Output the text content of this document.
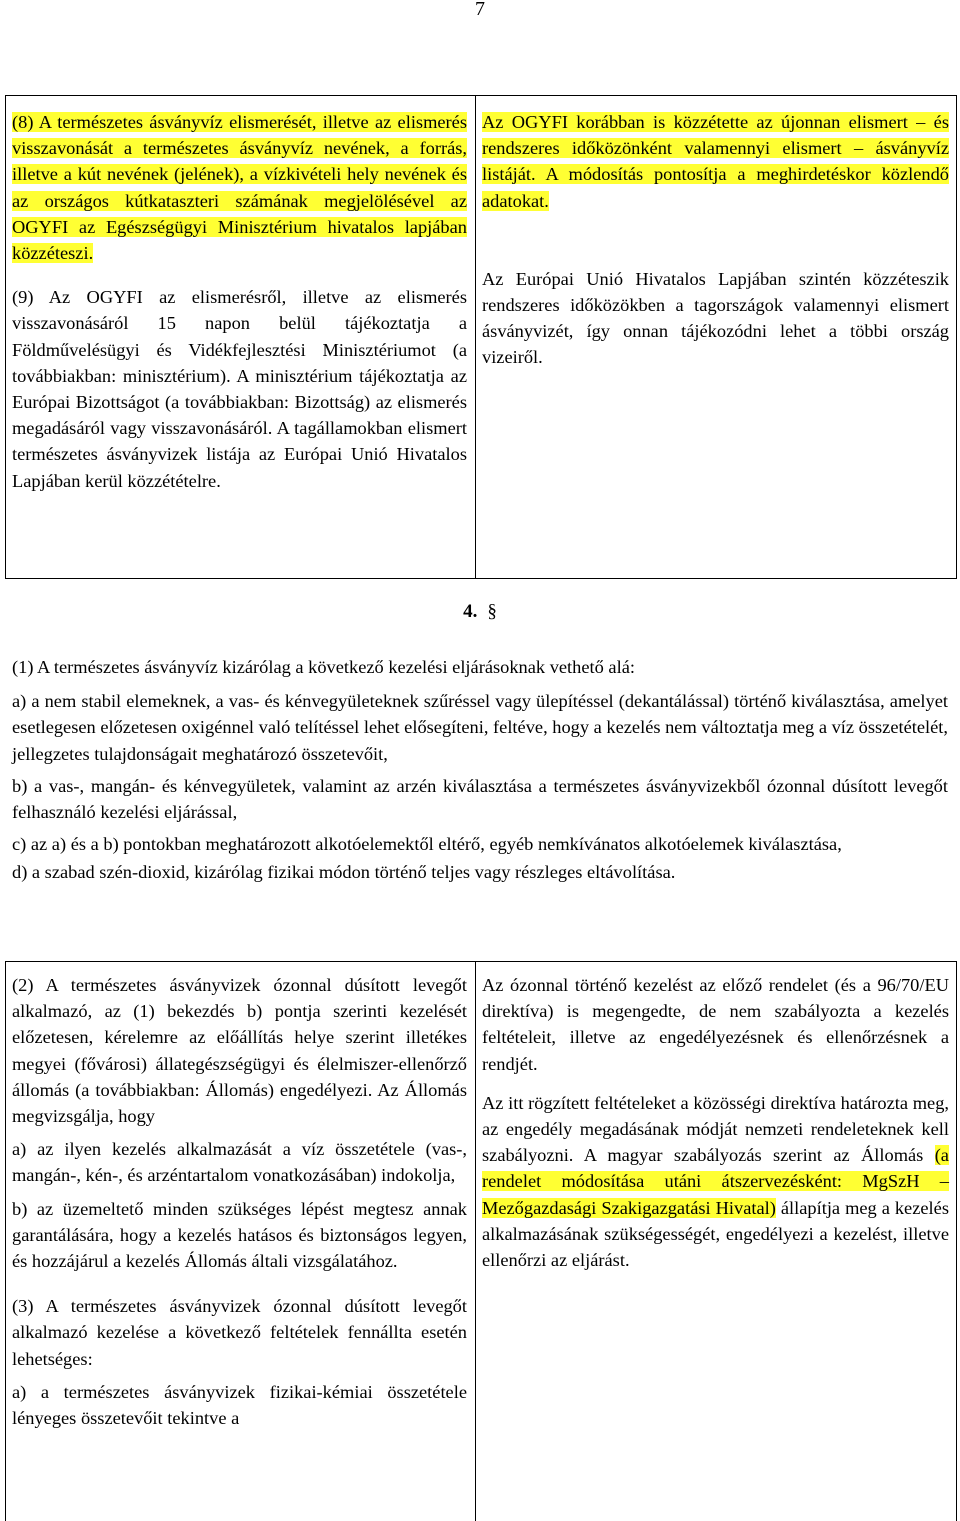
7

(8) A természetes ásványvíz elismerését, illetve az elismerés visszavonását a természetes ásványvíz nevének, a forrás, illetve a kút nevének (jelének), a vízkivételi hely nevének és az országos kútkataszteri számának megjelölésével az OGYFI az Egészségügyi Minisztérium hivatalos lapjában közzéteszi.

(9) Az OGYFI az elismerésről, illetve az elismerés visszavonásáról 15 napon belül tájékoztatja a Földművelésügyi és Vidékfejlesztési Minisztériumot (a továbbiakban: minisztérium). A minisztérium tájékoztatja az Európai Bizottságot (a továbbiakban: Bizottság) az elismerés megadásáról vagy visszavonásáról. A tagállamokban elismert természetes ásványvizek listája az Európai Unió Hivatalos Lapjában kerül közzétételre.

Az OGYFI korábban is közzétette az újonnan elismert – és rendszeres időközönként valamennyi elismert – ásványvíz listáját. A módosítás pontosítja a meghirdetéskor közlendő adatokat.

Az Európai Unió Hivatalos Lapjában szintén közzéteszik rendszeres időközökben a tagországok valamennyi elismert ásványvizét, így onnan tájékozódni lehet a többi ország vizeiről.

4. §

(1) A természetes ásványvíz kizárólag a következő kezelési eljárásoknak vethető alá:

a) a nem stabil elemeknek, a vas- és kénvegyületeknek szűréssel vagy ülepítéssel (dekantálással) történő kiválasztása, amelyet esetlegesen előzetesen oxigénnel való telítéssel lehet elősegíteni, feltéve, hogy a kezelés nem változtatja meg a víz összetételét, jellegzetes tulajdonságait meghatározó összetevőit,

b) a vas-, mangán- és kénvegyületek, valamint az arzén kiválasztása a természetes ásványvizekből ózonnal dúsított levegőt felhasználó kezelési eljárással,

c) az a) és a b) pontokban meghatározott alkotóelemektől eltérő, egyéb nemkívánatos alkotóelemek kiválasztása,

d) a szabad szén-dioxid, kizárólag fizikai módon történő teljes vagy részleges eltávolítása.

(2) A természetes ásványvizek ózonnal dúsított levegőt alkalmazó, az (1) bekezdés b) pontja szerinti kezelését előzetesen, kérelemre az előállítás helye szerint illetékes megyei (fővárosi) állategészségügyi és élelmiszer-ellenőrző állomás (a továbbiakban: Állomás) engedélyezi. Az Állomás megvizsgálja, hogy

a) az ilyen kezelés alkalmazását a víz összetétele (vas-, mangán-, kén-, és arzéntartalom vonatkozásában) indokolja,

b) az üzemeltető minden szükséges lépést megtesz annak garantálására, hogy a kezelés hatásos és biztonságos legyen, és hozzájárul a kezelés Állomás általi vizsgálatához.

(3) A természetes ásványvizek ózonnal dúsított levegőt alkalmazó kezelése a következő feltételek fennállta esetén lehetséges:

a) a természetes ásványvizek fizikai-kémiai összetétele lényeges összetevőit tekintve a

Az ózonnal történő kezelést az előző rendelet (és a 96/70/EU direktíva) is megengedte, de nem szabályozta a kezelés feltételeit, illetve az engedélyezésnek és ellenőrzésnek a rendjét.

Az itt rögzített feltételeket a közösségi direktíva határozta meg, az engedély megadásának módját nemzeti rendeleteknek kell szabályozni. A magyar szabályozás szerint az Állomás (a rendelet módosítása utáni átszervezésként: MgSzH – Mezőgazdasági Szakigazgatási Hivatal) állapítja meg a kezelés alkalmazásának szükségességét, engedélyezi a kezelést, illetve ellenőrzi az eljárást.
